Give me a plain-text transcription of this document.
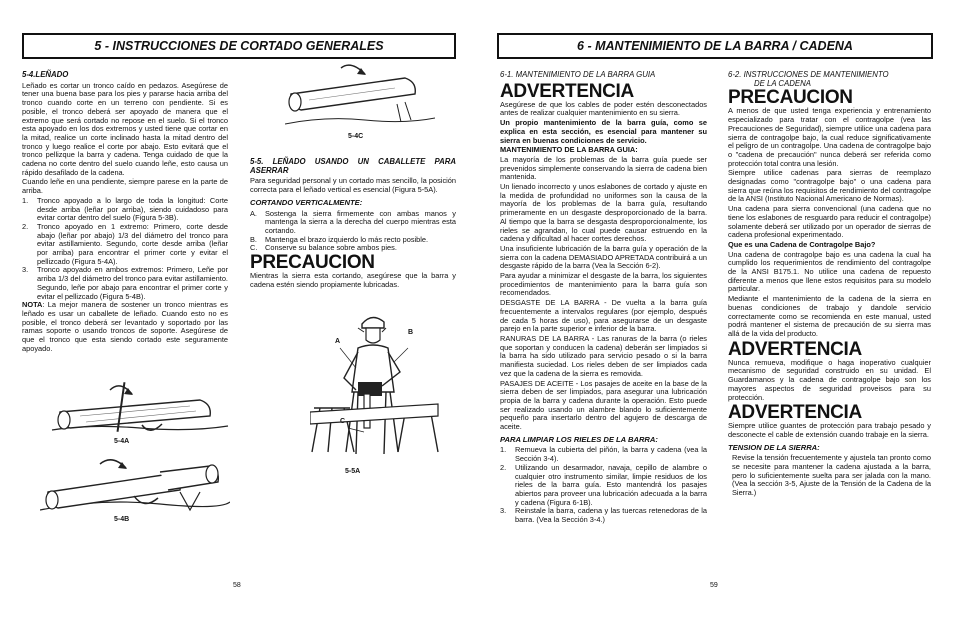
5 - INSTRUCCIONES DE CORTADO GENERALES
5-4.LEÑADO

Leñado es cortar un tronco caído en pedazos. Asegúrese de tener una buena base para los pies y pararse hacia arriba del tronco cuando corte en un terreno con pendiente. Si es posible, el tronco deberá ser apoyado de manera que el extremo que será cortado no repose en el suelo. Si el tronco esta apoyado en los dos extremos y usted tiene que cortar en la mitad, realice un corte inclinado hasta la mitad dentro del tronco y luego realice el corte por abajo. Esto evitará que el tronco pellizque la barra y cadena. Tenga cuidado de que la cadena no corte dentro del suelo cuando leñe, esto causa un rápido desafilado de la cadena.

Cuando leñe en una pendiente, siempre parese en la parte de arriba.

1. Tronco apoyado a lo largo de toda la longitud: Corte desde arriba (leñar por arriba), siendo cuidadoso para evitar cortar dentro del suelo (Figura 5-3B).
2. Tronco apoyado en 1 extremo: Primero, corte desde abajo (leñar por abajo) 1/3 del diámetro del tronco para evitar astillamiento. Segundo, corte desde arriba (leñar por arriba) para encontrar el primer corte y evitar el pellizcado (Figura 5-4A).
3. Tronco apoyado en ambos extremos: Primero, Leñe por arriba 1/3 del diámetro del tronco para evitar astillamiento. Segundo, leñe por abajo para encontrar el primer corte y evitar el pellizcado (Figura 5-4B).

NOTA: La mejor manera de sostener un tronco mientras es leñado es usar un caballete de leñado. Cuando esto no es posible, el tronco deberá ser levantado y soportado por las ramas soporte o usando troncos de soporte. Asegúrese de que el tronco que esta siendo cortado este seguramente apoyado.

5-4A
5-4B
5-4C
5-5. LEÑADO USANDO UN CABALLETE PARA ASERRAR

Para seguridad personal y un cortado mas sencillo, la posición correcta para el leñado vertical es esencial (Figura 5-5A).

CORTANDO VERTICALMENTE:
A. Sostenga la sierra firmemente con ambas manos y mantenga la sierra a la derecha del cuerpo mientras esta cortando.
B. Mantenga el brazo izquierdo lo más recto posible.
C. Conserve su balance sobre ambos pies.
PRECAUCION

Mientras la sierra esta cortando, asegúrese que la barra y cadena estén siendo propiamente lubricadas.

A
B
C
5-5A
58
6 - MANTENIMIENTO DE LA BARRA / CADENA
6-1. MANTENIMIENTO DE LA BARRA GUIA
ADVERTENCIA

Asegúrese de que los cables de poder estén desconectados antes de realizar cualquier mantenimiento en su sierra.

Un propio mantenimiento de la barra guía, como se explica en esta sección, es esencial para mantener su sierra en buenas condiciones de servicio.

MANTENIMIENTO DE LA BARRA GUIA:

La mayoría de los problemas de la barra guía puede ser prevenidos simplemente conservando la sierra de cadena bien mantenida.

Un lienado incorrecto y unos eslabones de cortado y ajuste en la medida de profundidad no uniformes son la causa de la mayoría de los problemas de la barra guía, resultando primeramente en un desgaste desproporcionado de la barra. Al tiempo que la barra se desgasta desproporcionalmente, los rieles se agrandan, lo cual puede causar estruendo en la cadena y dificultad al hacer cortes derechos.

Una insuficiente lubricación de la barra guía y operación de la sierra con la cadena DEMASIADO APRETADA contribuirá a un desgaste rápido de la barra (Vea la Sección 6-2).

Para ayudar a minimizar el desgaste de la barra, los siguientes procedimientos de mantenimiento para la barra guía son recomendados.

DESGASTE DE LA BARRA - De vuelta a la barra guía frecuentemente a intervalos regulares (por ejemplo, después de cada 5 horas de uso), para asegurarse de un desgaste parejo en la parte superior e inferior de la barra.

RANURAS DE LA BARRA - Las ranuras de la barra (o rieles que soportan y conducen la cadena) deberán ser limpiados si la barra ha sido utilizado para servicio pesado o si la barra manifiesta suciedad. Los rieles deben de ser limpiados cada vez que la cadena de la sierra es removida.

PASAJES DE ACEITE - Los pasajes de aceite en la base de la sierra deben de ser limpiados, para asegurar una lubricación propia de la barra y cadena durante la operación. Esto puede ser realizado usando un alambre blando lo suficientemente pequeño para insertarlo dentro del agujero de descarga de aceite.

PARA LIMPIAR LOS RIELES DE LA BARRA:
1. Remueva la cubierta del piñón, la barra y cadena (vea la Sección 3-4).
2. Utilizando un desarmador, navaja, cepillo de alambre o cualquier otro instrumento similar, limpie residuos de los rieles de la barra guía. Esto mantendrá los pasajes abiertos para proveer una lubricación adecuada a la barra y cadena (Figura 6-1B).
3. Reinstale la barra, cadena y las tuercas retenedoras de la barra. (Vea la Sección 3-4.)
6-2. INSTRUCCIONES DE MANTENIMIENTO
DE LA CADENA
PRECAUCION

A menos de que usted tenga experiencia y entrenamiento especializado para tratar con el contragolpe (vea las Precauciones de Seguridad), siempre utilice una cadena para sierra de contragolpe bajo, la cual reduce significativamente el peligro de un contragolpe. Una cadena de contragolpe bajo o "cadena de precaución" nunca deberá ser referida como protección total contra una lesión.

Siempre utilice cadenas para sierras de reemplazo designadas como "contragolpe bajo" o una cadena para sierra que reúna los requisitos de rendimiento del contragolpe de la ANSI (Instituto Nacional Americano de Normas).

Una cadena para sierra convencional (una cadena que no tiene los eslabones de resguardo para reducir el contragolpe) solamente deberá ser utilizado por un operador de sierras de cadena profesional experimentado.

Que es una Cadena de Contragolpe Bajo?

Una cadena de contragolpe bajo es una cadena la cual ha cumplido los requerimientos de rendimiento del contragolpe de la ANSI B175.1. No utilice una cadena de repuesto diferente a menos que llene estos requisitos para su modelo particular.

Mediante el mantenimiento de la cadena de la sierra en buenas condiciones de trabajo y dandole servicio correctamente como se recomienda en este manual, usted podrá mantener el sistema de precaución de su sierra mas allá de la vida del producto.

ADVERTENCIA

Nunca remueva, modifique o haga inoperativo cualquier mecanismo de seguridad construido en su unidad. El Guardamanos y la cadena de contragolpe bajo son los mayores aspectos de seguridad proveisos para su protección.

ADVERTENCIA

Siempre utilice guantes de protección para trabajo pesado y desconecte el cable de extensión cuando trabaje en la sierra.

TENSION DE LA SIERRA:

Revise la tensión frecuentemente y ajustela tan pronto como se necesite para mantener la cadena ajustada a la barra, pero lo suficientemente suelta para ser jalada con la mano. (Vea la sección 3-5, Ajuste de la Tensión de la Cadena de la Sierra.)

59
